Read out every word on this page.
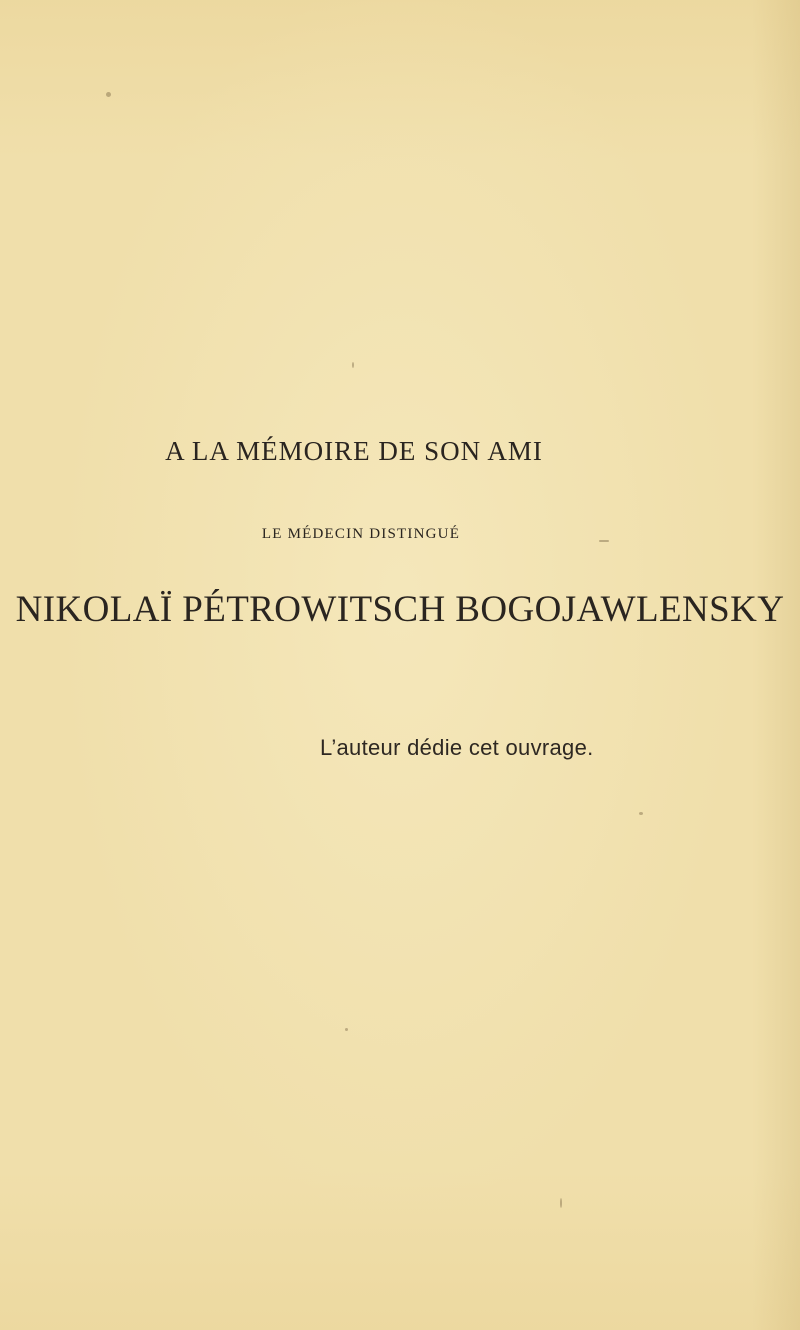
A LA MÉMOIRE DE SON AMI

LE MÉDECIN DISTINGUÉ

NIKOLAÏ PÉTROWITSCH BOGOJAWLENSKY

L’auteur dédie cet ouvrage.
